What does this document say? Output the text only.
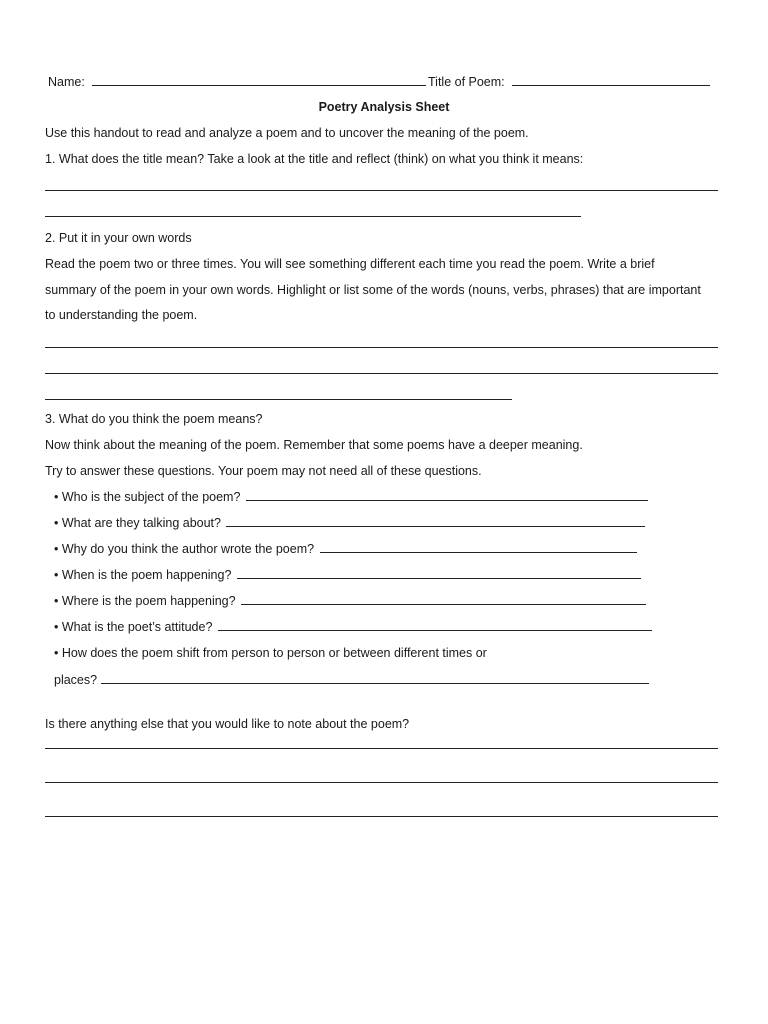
Name:	Title of Poem:
Poetry Analysis Sheet
Use this handout to read and analyze a poem and to uncover the meaning of the poem.
1. What does the title mean? Take a look at the title and reflect (think) on what you think it means:
2. Put it in your own words
Read the poem two or three times. You will see something different each time you read the poem. Write a brief
summary of the poem in your own words. Highlight or list some of the words (nouns, verbs, phrases) that are important
to understanding the poem.
3. What do you think the poem means?
Now think about the meaning of the poem. Remember that some poems have a deeper meaning.
Try to answer these questions. Your poem may not need all of these questions.
• Who is the subject of the poem?
• What are they talking about?
• Why do you think the author wrote the poem?
• When is the poem happening?
• Where is the poem happening?
• What is the poet’s attitude?
• How does the poem shift from person to person or between different times or
places?
Is there anything else that you would like to note about the poem?
